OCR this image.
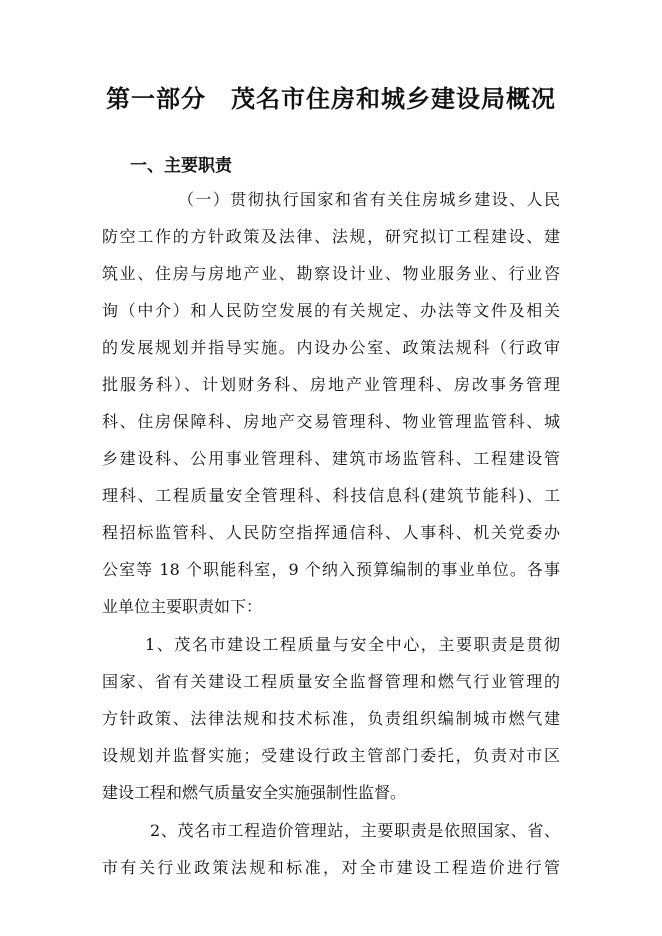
第一部分　茂名市住房和城乡建设局概况
一、主要职责
（一）贯彻执行国家和省有关住房城乡建设、人民
防空工作的方针政策及法律、法规，研究拟订工程建设、建
筑业、住房与房地产业、勘察设计业、物业服务业、行业咨
询（中介）和人民防空发展的有关规定、办法等文件及相关
的发展规划并指导实施。内设办公室、政策法规科（行政审
批服务科）、计划财务科、房地产业管理科、房改事务管理
科、住房保障科、房地产交易管理科、物业管理监管科、城
乡建设科、公用事业管理科、建筑市场监管科、工程建设管
理科、工程质量安全管理科、科技信息科(建筑节能科)、工
程招标监管科、人民防空指挥通信科、人事科、机关党委办
公室等 18 个职能科室，9 个纳入预算编制的事业单位。各事
业单位主要职责如下：
1、茂名市建设工程质量与安全中心，主要职责是贯彻
国家、省有关建设工程质量安全监督管理和燃气行业管理的
方针政策、法律法规和技术标准，负责组织编制城市燃气建
设规划并监督实施；受建设行政主管部门委托，负责对市区
建设工程和燃气质量安全实施强制性监督。
2、茂名市工程造价管理站，主要职责是依照国家、省、
市有关行业政策法规和标准，对全市建设工程造价进行管
